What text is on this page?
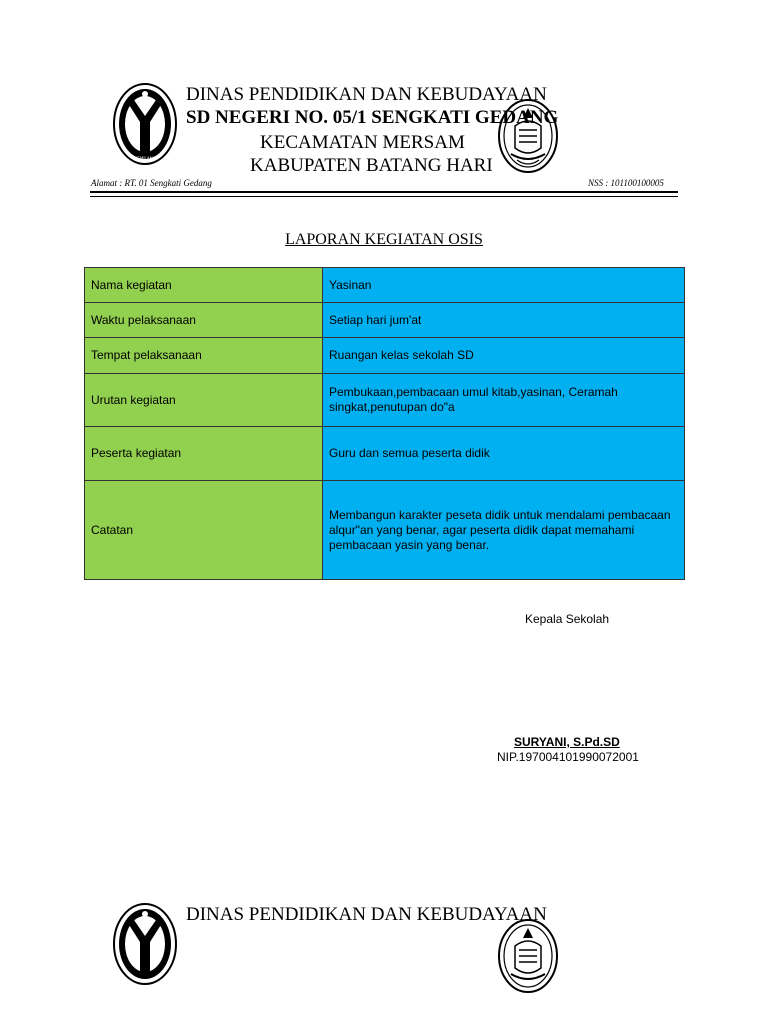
GEMILANG
DINAS PENDIDIKAN DAN KEBUDAYAAN
SD NEGERI NO. 05/1 SENGKATI GEDANG
KECAMATAN MERSAM
KABUPATEN BATANG HARI
Alamat : RT. 01 Sengkati Gedang	NSS : 101100100005
LAPORAN KEGIATAN OSIS
Nama kegiatan	Yasinan
Waktu pelaksanaan	Setiap hari jum'at
Tempat pelaksanaan	Ruangan kelas sekolah SD
Urutan kegiatan	Pembukaan,pembacaan umul kitab,yasinan, Ceramah singkat,penutupan do"a
Peserta kegiatan	Guru dan semua peserta didik
Catatan	Membangun karakter peseta didik untuk mendalami pembacaan alqur"an yang benar, agar peserta didik dapat memahami pembacaan yasin yang benar.
Kepala Sekolah
SURYANI, S.Pd.SD
NIP.197004101990072001
DINAS PENDIDIKAN DAN KEBUDAYAAN
